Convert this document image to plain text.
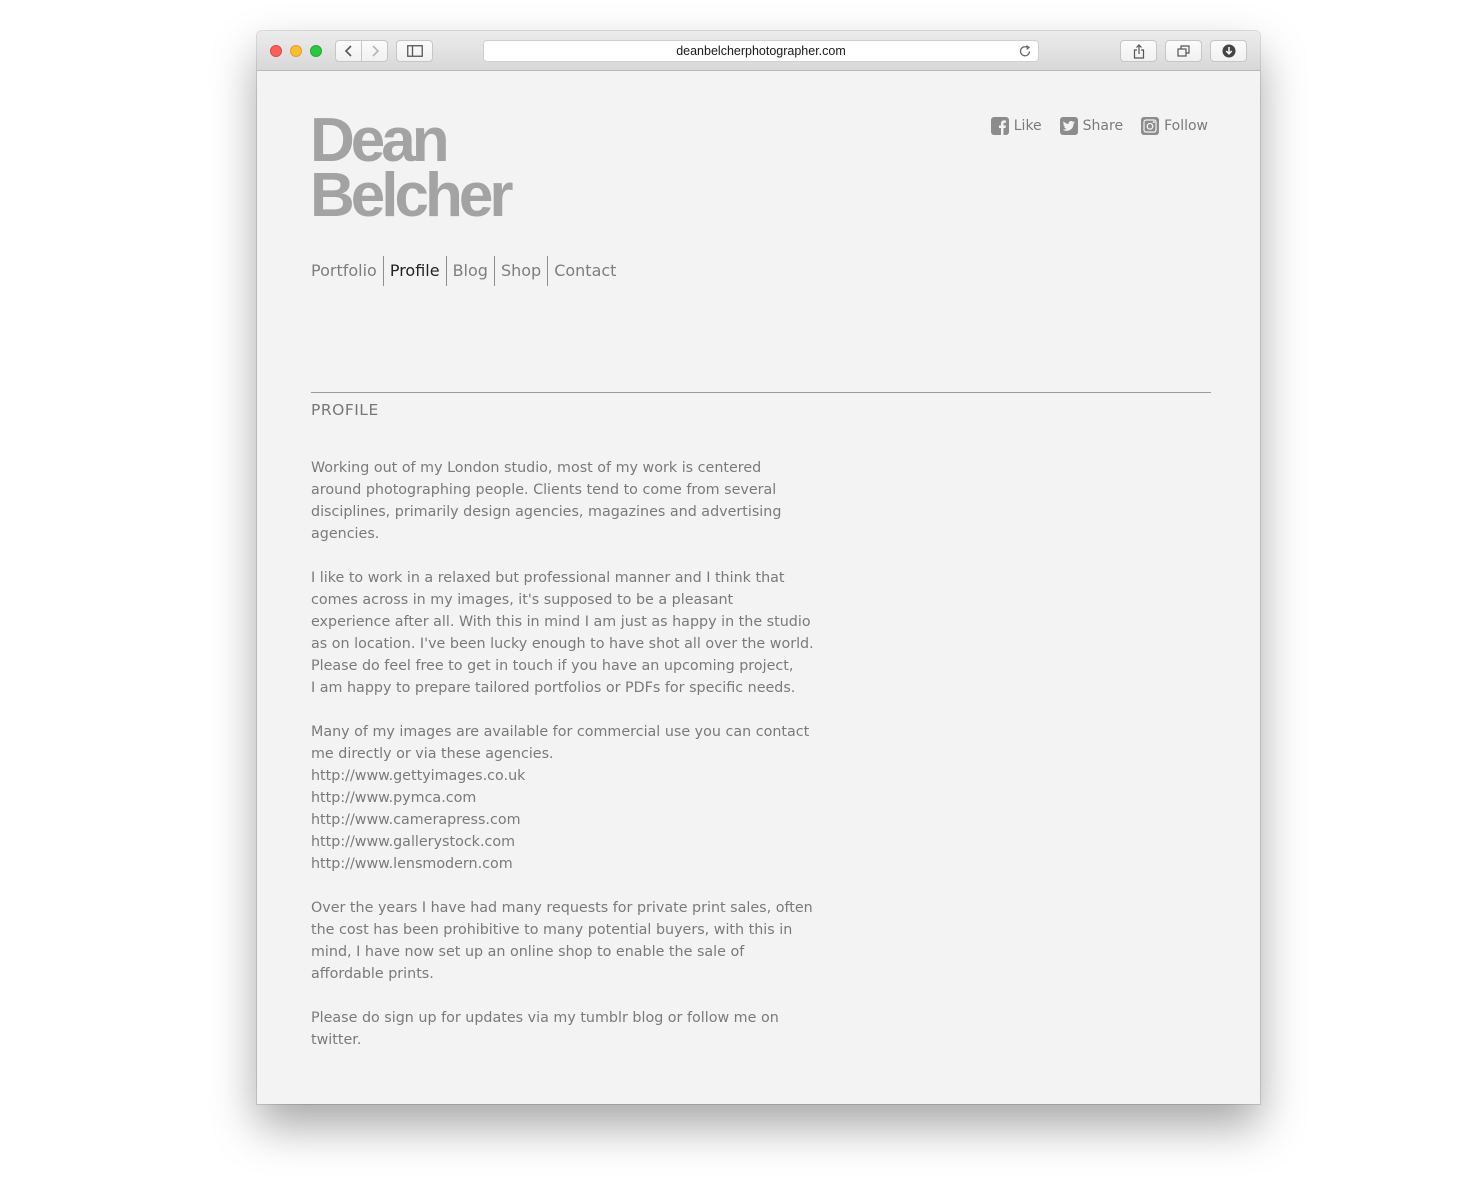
deanbelcherphotographer.com
Dean
Belcher
Like	Share	Follow
Portfolio Profile Blog Shop Contact
PROFILE

Working out of my London studio, most of my work is centered
around photographing people. Clients tend to come from several
disciplines, primarily design agencies, magazines and advertising
agencies.

I like to work in a relaxed but professional manner and I think that
comes across in my images, it's supposed to be a pleasant
experience after all. With this in mind I am just as happy in the studio
as on location. I've been lucky enough to have shot all over the world.
Please do feel free to get in touch if you have an upcoming project,
I am happy to prepare tailored portfolios or PDFs for specific needs.

Many of my images are available for commercial use you can contact
me directly or via these agencies.
http://www.gettyimages.co.uk
http://www.pymca.com
http://www.camerapress.com
http://www.gallerystock.com
http://www.lensmodern.com

Over the years I have had many requests for private print sales, often
the cost has been prohibitive to many potential buyers, with this in
mind, I have now set up an online shop to enable the sale of
affordable prints.

Please do sign up for updates via my tumblr blog or follow me on
twitter.
